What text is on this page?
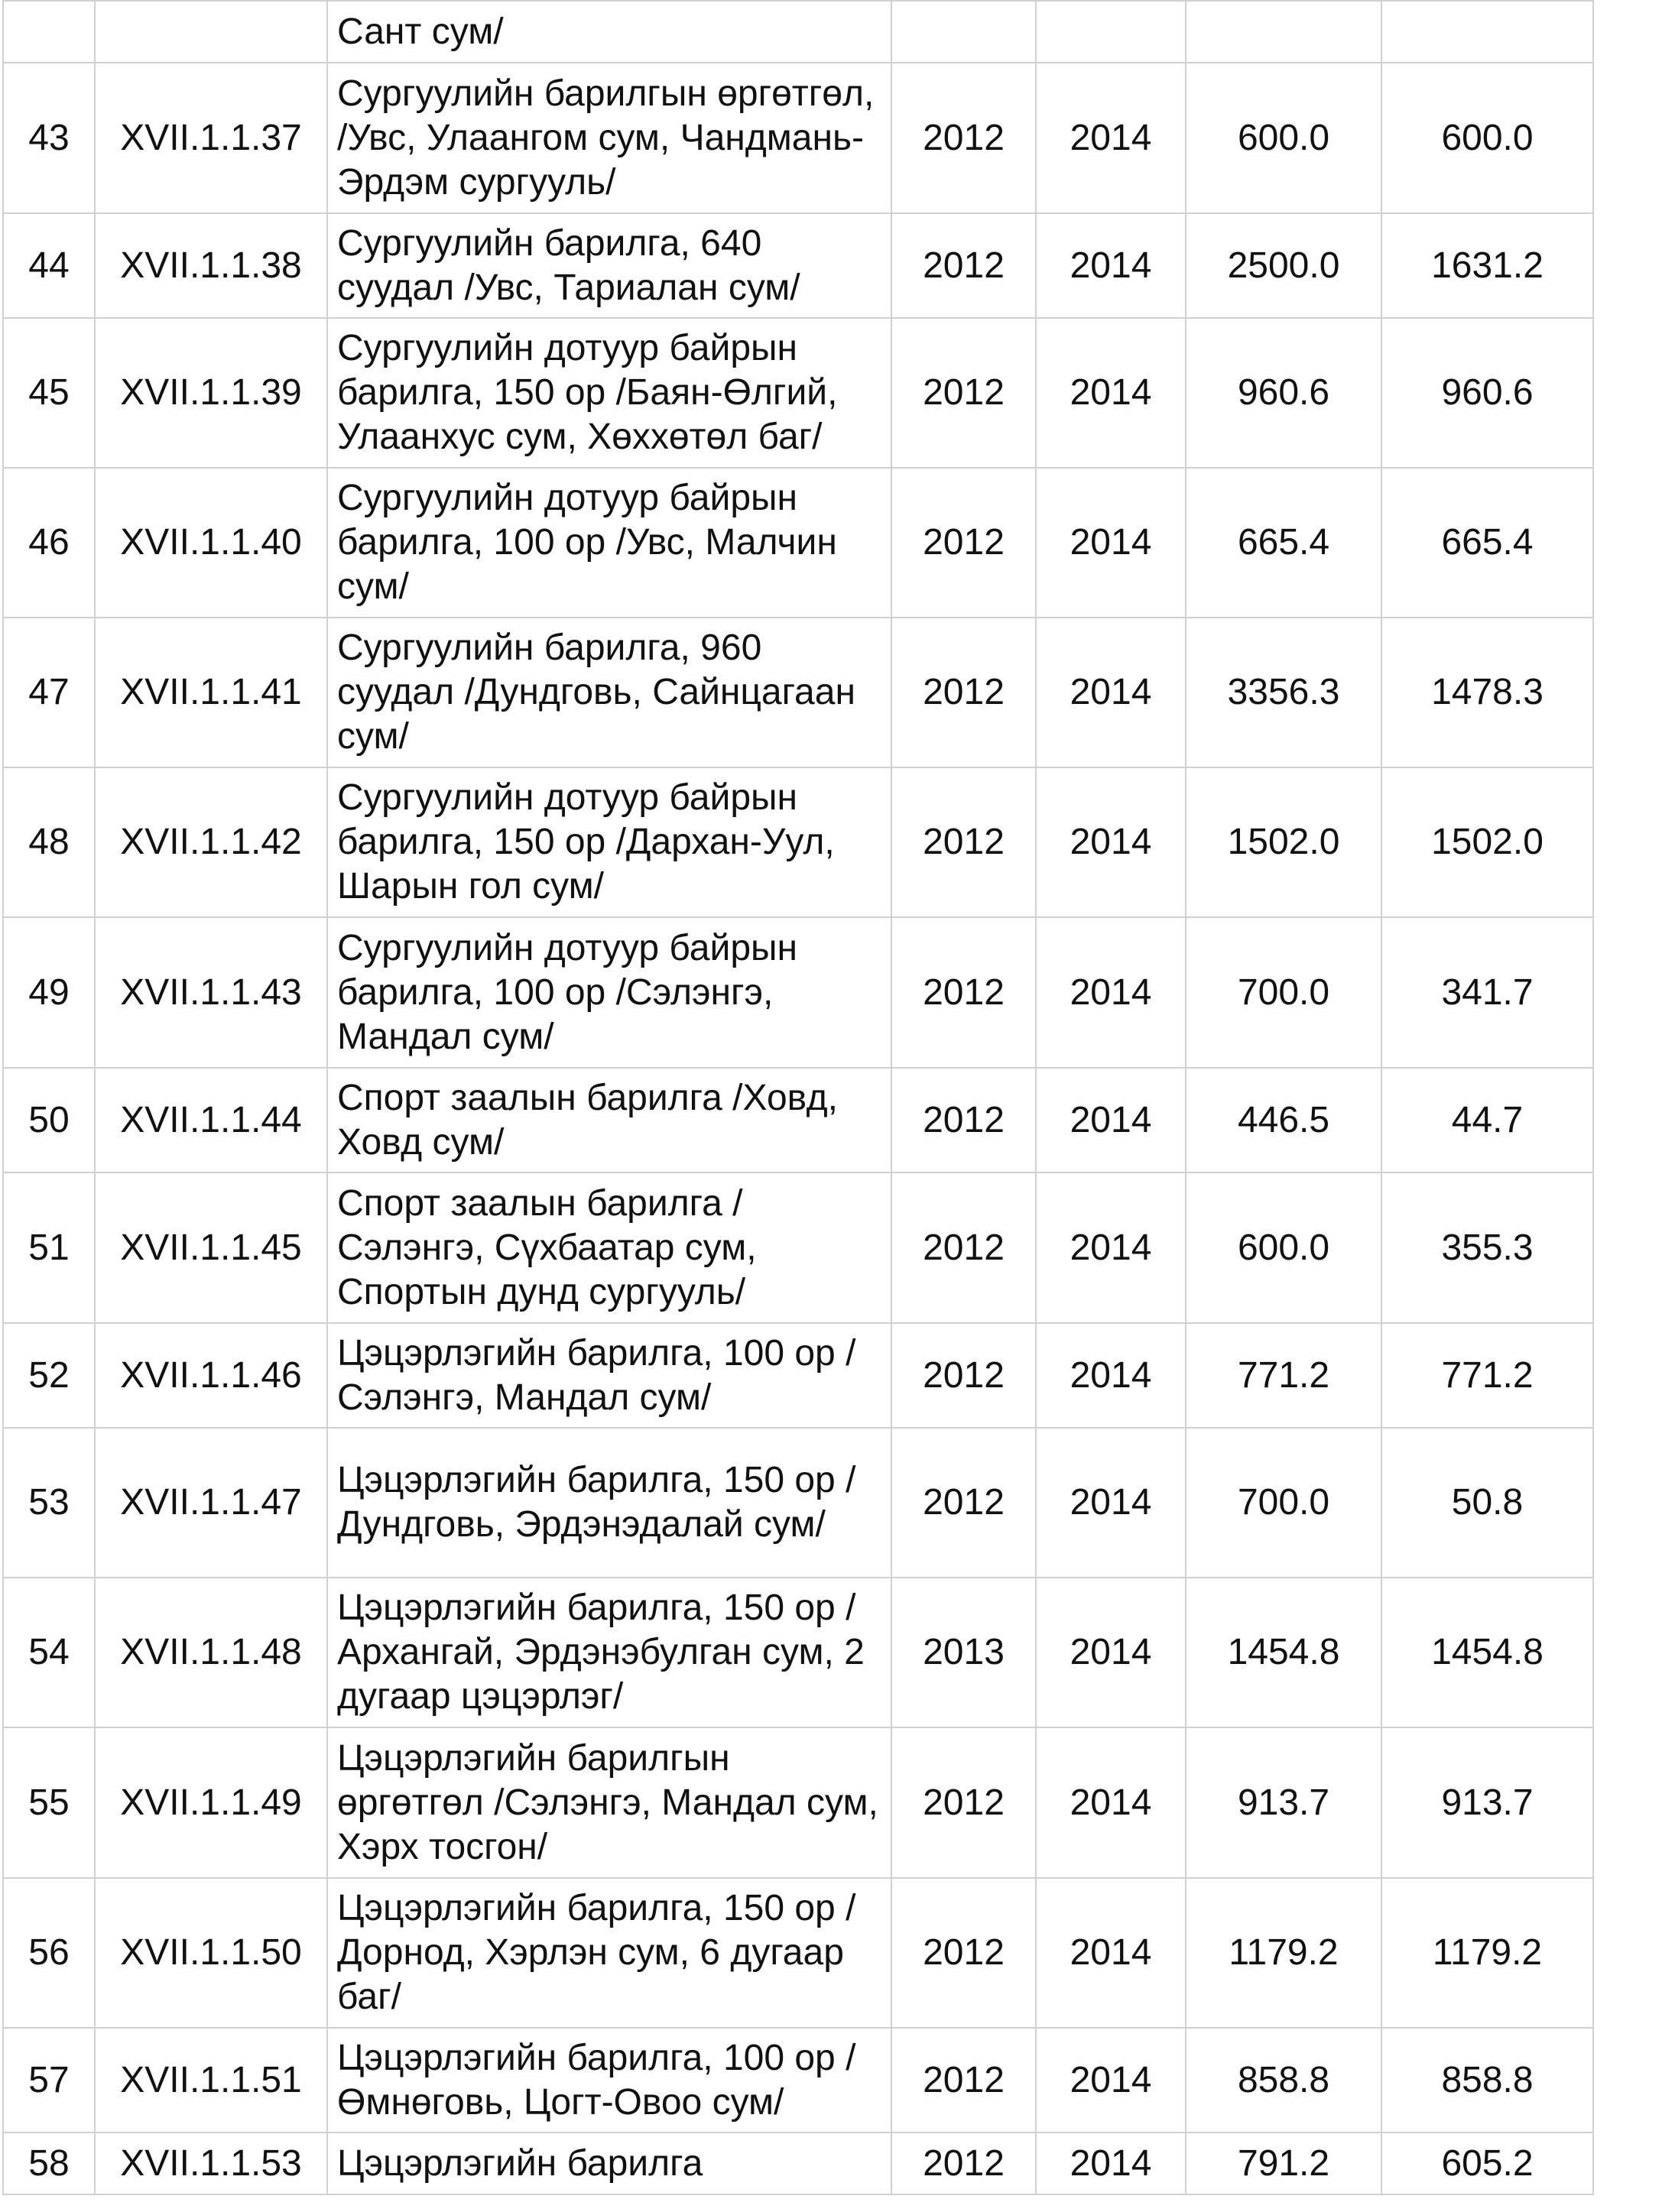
		Сант сум/				
43	XVII.1.1.37	Сургуулийн барилгын өргөтгөл, /Увс, Улаангом сум, Чандмань-Эрдэм сургууль/	2012	2014	600.0	600.0
44	XVII.1.1.38	Сургуулийн барилга, 640 суудал /Увс, Тариалан сум/	2012	2014	2500.0	1631.2
45	XVII.1.1.39	Сургуулийн дотуур байрын барилга, 150 ор /Баян-Өлгий, Улаанхус сум, Хөххөтөл баг/	2012	2014	960.6	960.6
46	XVII.1.1.40	Сургуулийн дотуур байрын барилга, 100 ор /Увс, Малчин сум/	2012	2014	665.4	665.4
47	XVII.1.1.41	Сургуулийн барилга, 960 суудал /Дундговь, Сайнцагаан сум/	2012	2014	3356.3	1478.3
48	XVII.1.1.42	Сургуулийн дотуур байрын барилга, 150 ор /Дархан-Уул, Шарын гол сум/	2012	2014	1502.0	1502.0
49	XVII.1.1.43	Сургуулийн дотуур байрын барилга, 100 ор /Сэлэнгэ, Мандал сум/	2012	2014	700.0	341.7
50	XVII.1.1.44	Спорт заалын барилга /Ховд, Ховд сум/	2012	2014	446.5	44.7
51	XVII.1.1.45	Спорт заалын барилга /Сэлэнгэ, Сүхбаатар сум, Спортын дунд сургууль/	2012	2014	600.0	355.3
52	XVII.1.1.46	Цэцэрлэгийн барилга, 100 ор /Сэлэнгэ, Мандал сум/	2012	2014	771.2	771.2
53	XVII.1.1.47	Цэцэрлэгийн барилга, 150 ор /Дундговь, Эрдэнэдалай сум/	2012	2014	700.0	50.8
54	XVII.1.1.48	Цэцэрлэгийн барилга, 150 ор /Архангай, Эрдэнэбулган сум, 2 дугаар цэцэрлэг/	2013	2014	1454.8	1454.8
55	XVII.1.1.49	Цэцэрлэгийн барилгын өргөтгөл /Сэлэнгэ, Мандал сум, Хэрх тосгон/	2012	2014	913.7	913.7
56	XVII.1.1.50	Цэцэрлэгийн барилга, 150 ор /Дорнод, Хэрлэн сум, 6 дугаар баг/	2012	2014	1179.2	1179.2
57	XVII.1.1.51	Цэцэрлэгийн барилга, 100 ор /Өмнөговь, Цогт-Овоо сум/	2012	2014	858.8	858.8
58	XVII.1.1.53	Цэцэрлэгийн барилга	2012	2014	791.2	605.2
